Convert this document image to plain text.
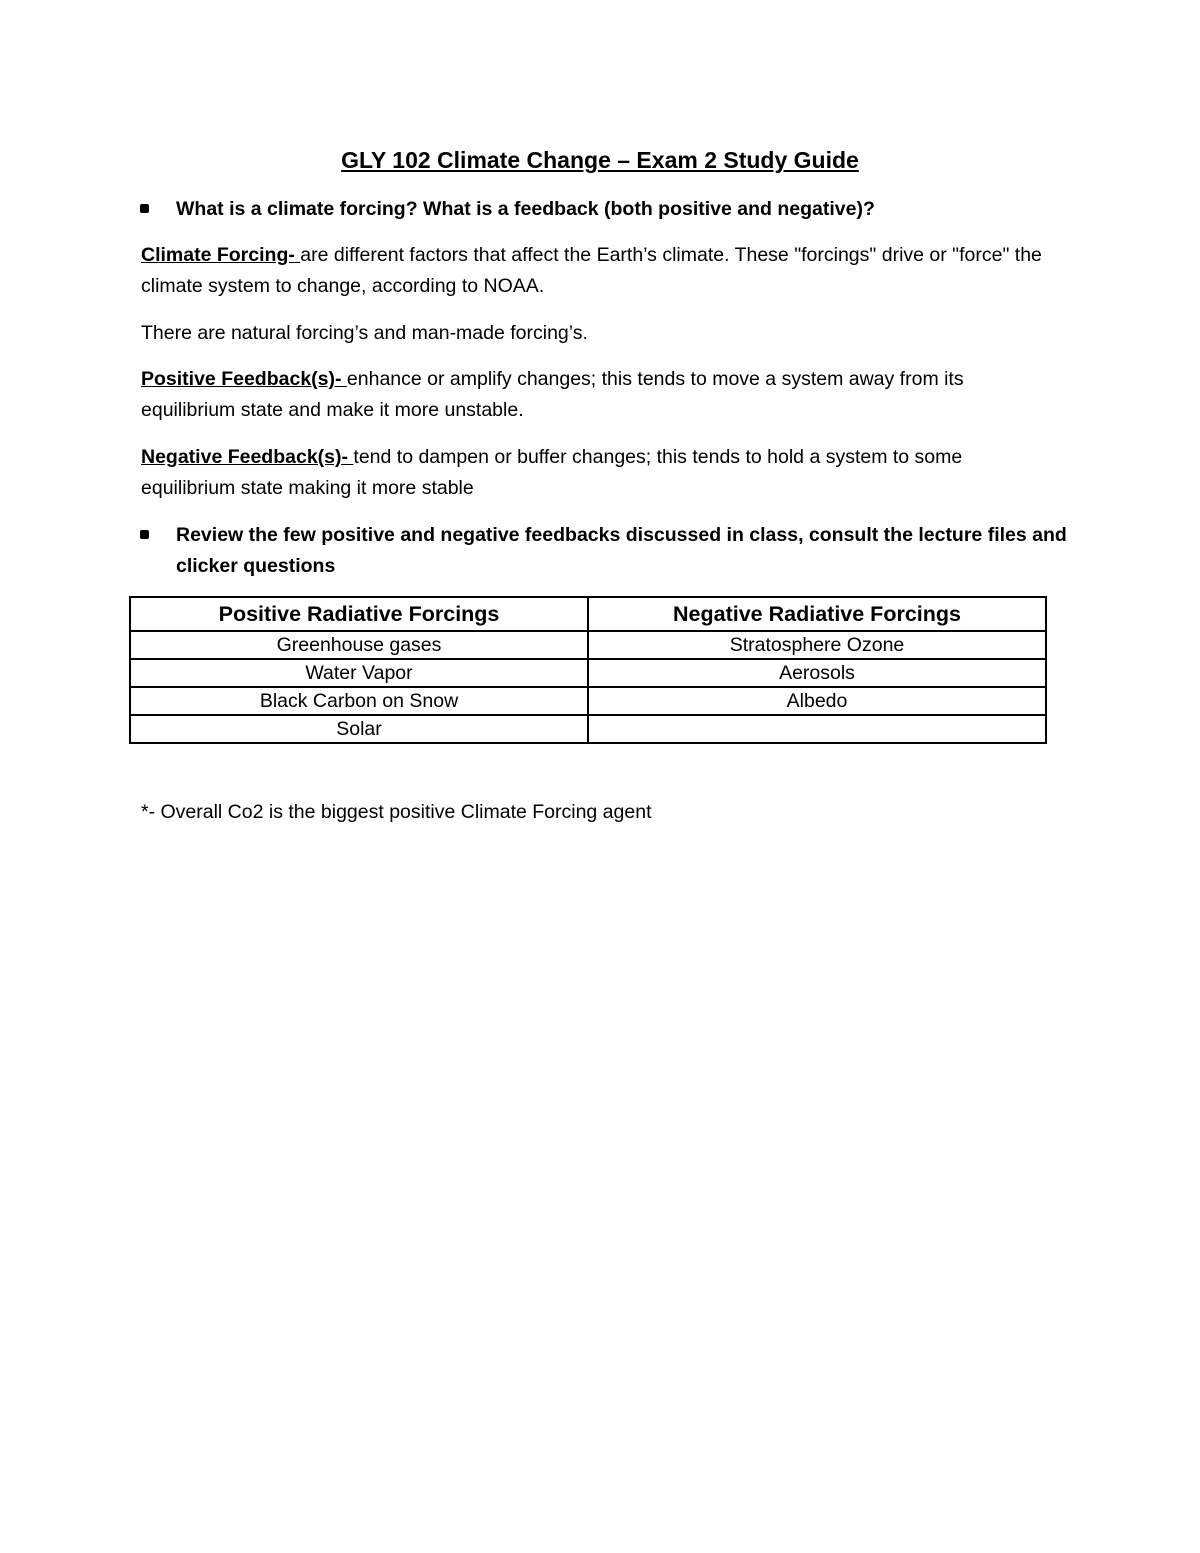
GLY 102 Climate Change – Exam 2 Study Guide
What is a climate forcing? What is a feedback (both positive and negative)?
Climate Forcing- are different factors that affect the Earth’s climate. These "forcings" drive or "force" the climate system to change, according to NOAA.
There are natural forcing’s and man-made forcing’s.
Positive Feedback(s)- enhance or amplify changes; this tends to move a system away from its equilibrium state and make it more unstable.
Negative Feedback(s)- tend to dampen or buffer changes; this tends to hold a system to some equilibrium state making it more stable
Review the few positive and negative feedbacks discussed in class, consult the lecture files and clicker questions
Positive Radiative Forcings	Negative Radiative Forcings
Greenhouse gases	Stratosphere Ozone
Water Vapor	Aerosols
Black Carbon on Snow	Albedo
Solar	
*- Overall Co2 is the biggest positive Climate Forcing agent
